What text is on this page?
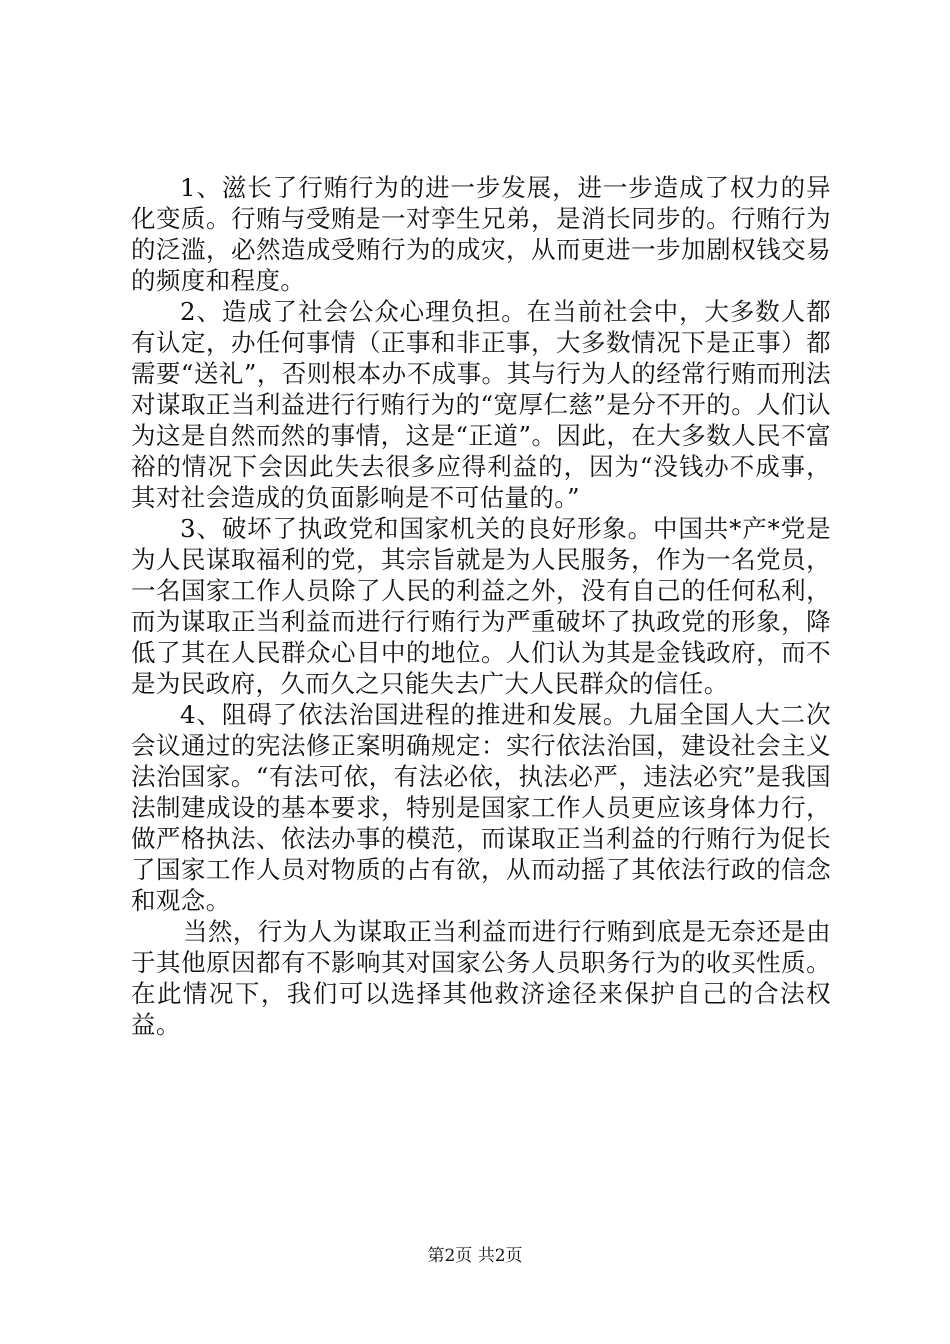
1、滋长了行贿行为的进一步发展，进一步造成了权力的异化变质。行贿与受贿是一对孪生兄弟，是消长同步的。行贿行为的泛滥，必然造成受贿行为的成灾，从而更进一步加剧权钱交易的频度和程度。

2、造成了社会公众心理负担。在当前社会中，大多数人都有认定，办任何事情（正事和非正事，大多数情况下是正事）都需要“送礼”，否则根本办不成事。其与行为人的经常行贿而刑法对谋取正当利益进行行贿行为的“宽厚仁慈”是分不开的。人们认为这是自然而然的事情，这是“正道”。因此，在大多数人民不富裕的情况下会因此失去很多应得利益的，因为“没钱办不成事，其对社会造成的负面影响是不可估量的。”

3、破坏了执政党和国家机关的良好形象。中国共*产*党是为人民谋取福利的党，其宗旨就是为人民服务，作为一名党员，一名国家工作人员除了人民的利益之外，没有自己的任何私利，而为谋取正当利益而进行行贿行为严重破坏了执政党的形象，降低了其在人民群众心目中的地位。人们认为其是金钱政府，而不是为民政府，久而久之只能失去广大人民群众的信任。

4、阻碍了依法治国进程的推进和发展。九届全国人大二次会议通过的宪法修正案明确规定：实行依法治国，建设社会主义法治国家。“有法可依，有法必依，执法必严，违法必究”是我国法制建成设的基本要求，特别是国家工作人员更应该身体力行，做严格执法、依法办事的模范，而谋取正当利益的行贿行为促长了国家工作人员对物质的占有欲，从而动摇了其依法行政的信念和观念。

当然，行为人为谋取正当利益而进行行贿到底是无奈还是由于其他原因都有不影响其对国家公务人员职务行为的收买性质。在此情况下，我们可以选择其他救济途径来保护自己的合法权益。

第2页 共2页
